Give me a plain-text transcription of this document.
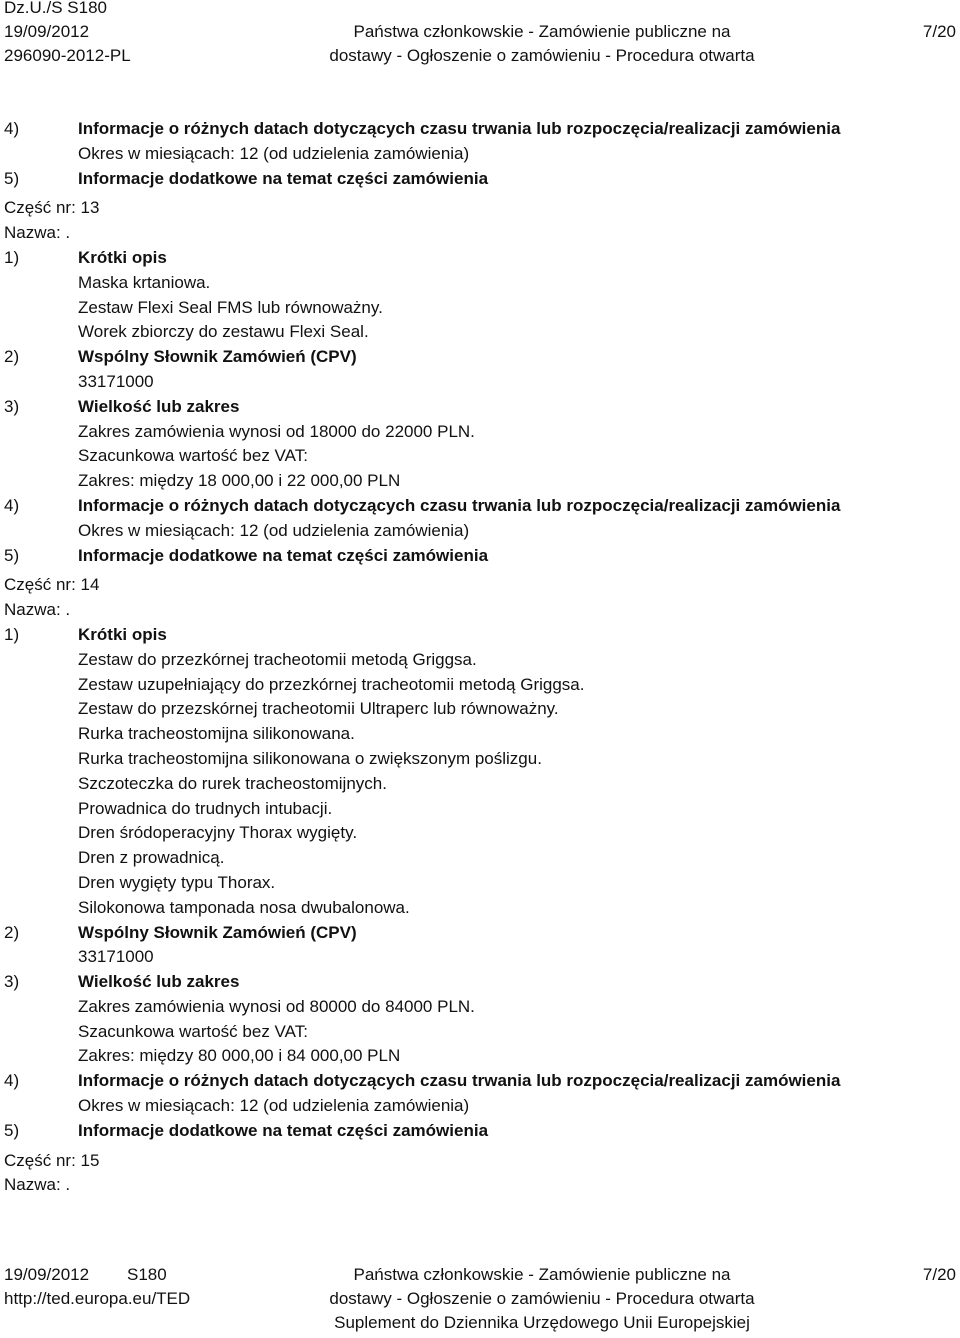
Dz.U./S S180
19/09/2012
296090-2012-PL
Państwa członkowskie - Zamówienie publiczne na
dostawy - Ogłoszenie o zamówieniu - Procedura otwarta
7/20
4)	Informacje o różnych datach dotyczących czasu trwania lub rozpoczęcia/realizacji zamówienia
Okres w miesiącach: 12 (od udzielenia zamówienia)
5)	Informacje dodatkowe na temat części zamówienia
Część nr: 13
Nazwa: .
1)	Krótki opis
Maska krtaniowa.
Zestaw Flexi Seal FMS lub równoważny.
Worek zbiorczy do zestawu Flexi Seal.
2)	Wspólny Słownik Zamówień (CPV)
33171000
3)	Wielkość lub zakres
Zakres zamówienia wynosi od 18000 do 22000 PLN.
Szacunkowa wartość bez VAT:
Zakres: między 18 000,00 i 22 000,00 PLN
4)	Informacje o różnych datach dotyczących czasu trwania lub rozpoczęcia/realizacji zamówienia
Okres w miesiącach: 12 (od udzielenia zamówienia)
5)	Informacje dodatkowe na temat części zamówienia
Część nr: 14
Nazwa: .
1)	Krótki opis
Zestaw do przezkórnej tracheotomii metodą Griggsa.
Zestaw uzupełniający do przezkórnej tracheotomii metodą Griggsa.
Zestaw do przezskórnej tracheotomii Ultraperc lub równoważny.
Rurka tracheostomijna silikonowana.
Rurka tracheostomijna silikonowana o zwiększonym poślizgu.
Szczoteczka do rurek tracheostomijnych.
Prowadnica do trudnych intubacji.
Dren śródoperacyjny Thorax wygięty.
Dren z prowadnicą.
Dren wygięty typu Thorax.
Silokonowa tamponada nosa dwubalonowa.
2)	Wspólny Słownik Zamówień (CPV)
33171000
3)	Wielkość lub zakres
Zakres zamówienia wynosi od 80000 do 84000 PLN.
Szacunkowa wartość bez VAT:
Zakres: między 80 000,00 i 84 000,00 PLN
4)	Informacje o różnych datach dotyczących czasu trwania lub rozpoczęcia/realizacji zamówienia
Okres w miesiącach: 12 (od udzielenia zamówienia)
5)	Informacje dodatkowe na temat części zamówienia
Część nr: 15
Nazwa: .
19/09/2012 S180
http://ted.europa.eu/TED
Państwa członkowskie - Zamówienie publiczne na
dostawy - Ogłoszenie o zamówieniu - Procedura otwarta
Suplement do Dziennika Urzędowego Unii Europejskiej
7/20
